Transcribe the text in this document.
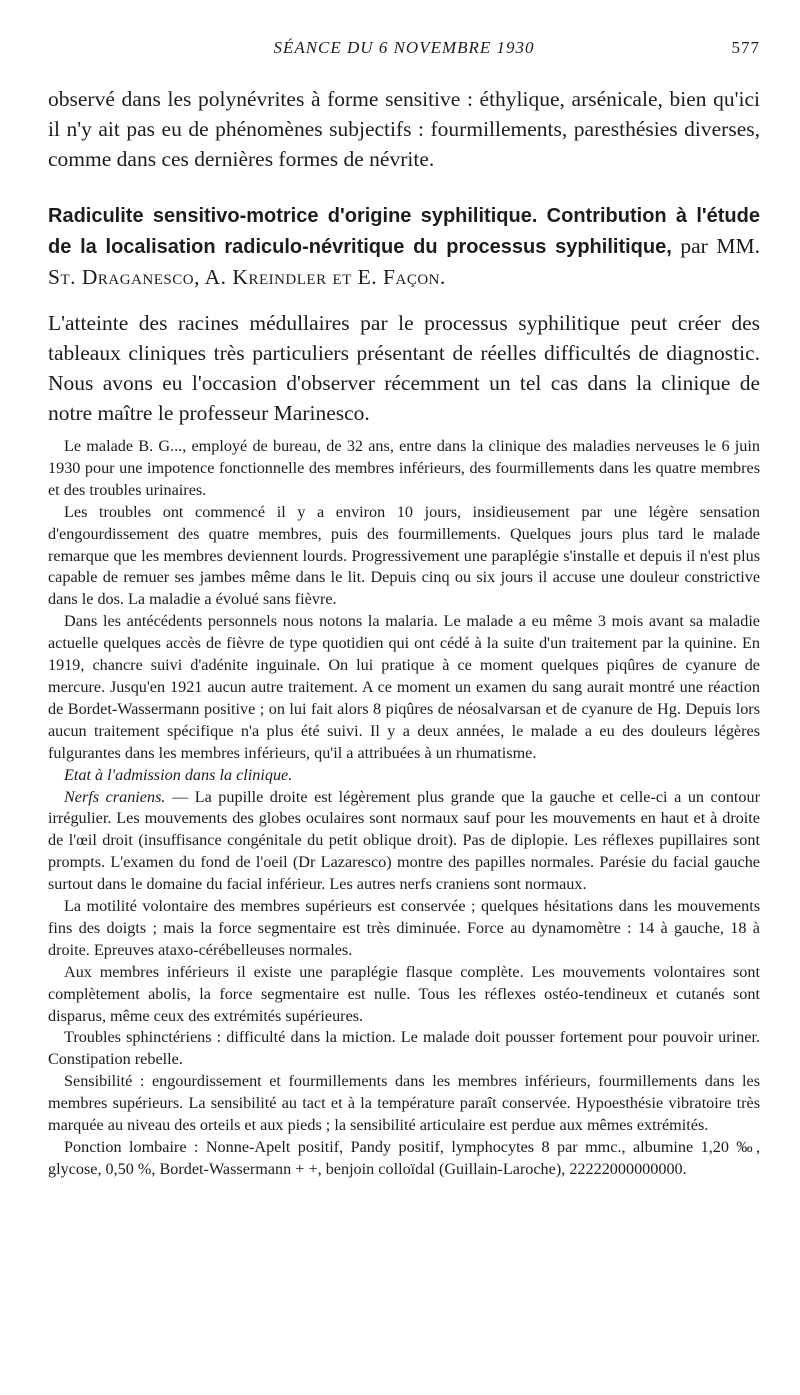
SÉANCE DU 6 NOVEMBRE 1930	577

observé dans les polynévrites à forme sensitive : éthylique, arsénicale, bien qu'ici il n'y ait pas eu de phénomènes subjectifs : fourmillements, paresthésies diverses, comme dans ces dernières formes de névrite.

Radiculite sensitivo-motrice d'origine syphilitique. Contribution à l'étude de la localisation radiculo-névritique du processus syphilitique, par MM. St. Draganesco, A. Kreindler et E. Façon.

L'atteinte des racines médullaires par le processus syphilitique peut créer des tableaux cliniques très particuliers présentant de réelles difficultés de diagnostic. Nous avons eu l'occasion d'observer récemment un tel cas dans la clinique de notre maître le professeur Marinesco.

Le malade B. G..., employé de bureau, de 32 ans, entre dans la clinique des maladies nerveuses le 6 juin 1930 pour une impotence fonctionnelle des membres inférieurs, des fourmillements dans les quatre membres et des troubles urinaires.

Les troubles ont commencé il y a environ 10 jours, insidieusement par une légère sensation d'engourdissement des quatre membres, puis des fourmillements. Quelques jours plus tard le malade remarque que les membres deviennent lourds. Progressivement une paraplégie s'installe et depuis il n'est plus capable de remuer ses jambes même dans le lit. Depuis cinq ou six jours il accuse une douleur constrictive dans le dos. La maladie a évolué sans fièvre.

Dans les antécédents personnels nous notons la malaria. Le malade a eu même 3 mois avant sa maladie actuelle quelques accès de fièvre de type quotidien qui ont cédé à la suite d'un traitement par la quinine. En 1919, chancre suivi d'adénite inguinale. On lui pratique à ce moment quelques piqûres de cyanure de mercure. Jusqu'en 1921 aucun autre traitement. A ce moment un examen du sang aurait montré une réaction de Bordet-Wassermann positive ; on lui fait alors 8 piqûres de néosalvarsan et de cyanure de Hg. Depuis lors aucun traitement spécifique n'a plus été suivi. Il y a deux années, le malade a eu des douleurs légères fulgurantes dans les membres inférieurs, qu'il a attribuées à un rhumatisme.

Etat à l'admission dans la clinique.

Nerfs craniens. — La pupille droite est légèrement plus grande que la gauche et celle-ci a un contour irrégulier. Les mouvements des globes oculaires sont normaux sauf pour les mouvements en haut et à droite de l'œil droit (insuffisance congénitale du petit oblique droit). Pas de diplopie. Les réflexes pupillaires sont prompts. L'examen du fond de l'oeil (Dr Lazaresco) montre des papilles normales. Parésie du facial gauche surtout dans le domaine du facial inférieur. Les autres nerfs craniens sont normaux.

La motilité volontaire des membres supérieurs est conservée ; quelques hésitations dans les mouvements fins des doigts ; mais la force segmentaire est très diminuée. Force au dynamomètre : 14 à gauche, 18 à droite. Epreuves ataxo-cérébelleuses normales.

Aux membres inférieurs il existe une paraplégie flasque complète. Les mouvements volontaires sont complètement abolis, la force segmentaire est nulle. Tous les réflexes ostéo-tendineux et cutanés sont disparus, même ceux des extrémités supérieures.

Troubles sphinctériens : difficulté dans la miction. Le malade doit pousser fortement pour pouvoir uriner. Constipation rebelle.

Sensibilité : engourdissement et fourmillements dans les membres inférieurs, fourmillements dans les membres supérieurs. La sensibilité au tact et à la température paraît conservée. Hypoesthésie vibratoire très marquée au niveau des orteils et aux pieds ; la sensibilité articulaire est perdue aux mêmes extrémités.

Ponction lombaire : Nonne-Apelt positif, Pandy positif, lymphocytes 8 par mmc., albumine 1,20 ‰, glycose, 0,50 %, Bordet-Wassermann + +, benjoin colloïdal (Guillain-Laroche), 22222000000000.
